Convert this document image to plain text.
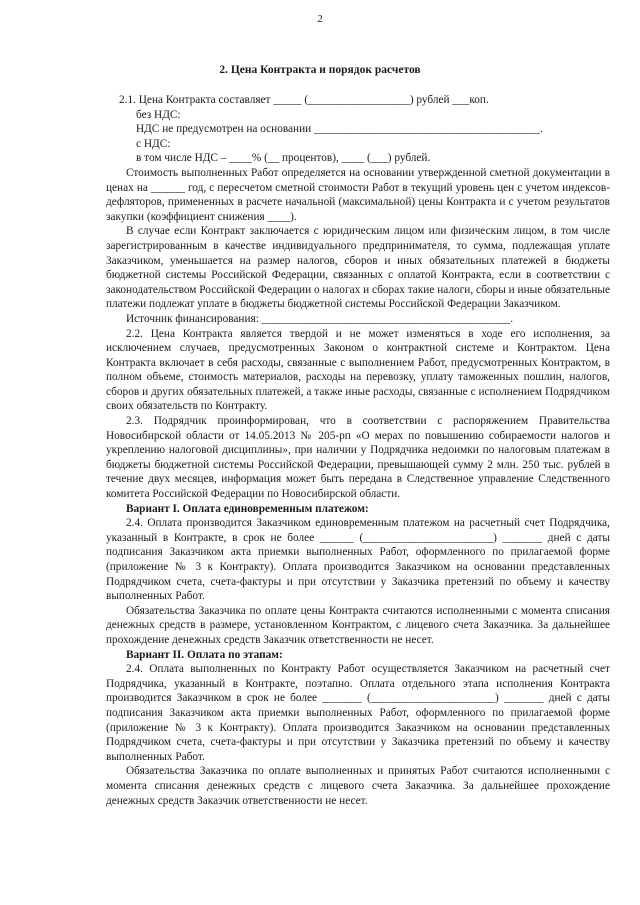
2
2. Цена Контракта и порядок расчетов

2.1. Цена Контракта составляет _____ (__________________) рублей ___коп.

без НДС:

НДС не предусмотрен на основании ________________________________________.

с НДС:

в том числе НДС – ____% (__ процентов), ____ (___) рублей.

Стоимость выполненных Работ определяется на основании утвержденной сметной документации в ценах на ______ год, с пересчетом сметной стоимости Работ в текущий уровень цен с учетом индексов-дефляторов, примененных в расчете начальной (максимальной) цены Контракта и с учетом результатов закупки (коэффициент снижения ____).

В случае если Контракт заключается с юридическим лицом или физическим лицом, в том числе зарегистрированным в качестве индивидуального предпринимателя, то сумма, подлежащая уплате Заказчиком, уменьшается на размер налогов, сборов и иных обязательных платежей в бюджеты бюджетной системы Российской Федерации, связанных с оплатой Контракта, если в соответствии с законодательством Российской Федерации о налогах и сборах такие налоги, сборы и иные обязательные платежи подлежат уплате в бюджеты бюджетной системы Российской Федерации Заказчиком.

Источник финансирования: ____________________________________________.

2.2. Цена Контракта является твердой и не может изменяться в ходе его исполнения, за исключением случаев, предусмотренных Законом о контрактной системе и Контрактом. Цена Контракта включает в себя расходы, связанные с выполнением Работ, предусмотренных Контрактом, в полном объеме, стоимость материалов, расходы на перевозку, уплату таможенных пошлин, налогов, сборов и других обязательных платежей, а также иные расходы, связанные с исполнением Подрядчиком своих обязательств по Контракту.

2.3. Подрядчик проинформирован, что в соответствии с распоряжением Правительства Новосибирской области от 14.05.2013 № 205-рп «О мерах по повышению собираемости налогов и укреплению налоговой дисциплины», при наличии у Подрядчика недоимки по налоговым платежам в бюджеты бюджетной системы Российской Федерации, превышающей сумму 2 млн. 250 тыс. рублей в течение двух месяцев, информация может быть передана в Следственное управление Следственного комитета Российской Федерации по Новосибирской области.

Вариант I. Оплата единовременным платежом:

2.4. Оплата производится Заказчиком единовременным платежом на расчетный счет Подрядчика, указанный в Контракте, в срок не более ______ (_______________________) _______ дней с даты подписания Заказчиком акта приемки выполненных Работ, оформленного по прилагаемой форме (приложение № 3 к Контракту). Оплата производится Заказчиком на основании представленных Подрядчиком счета, счета-фактуры и при отсутствии у Заказчика претензий по объему и качеству выполненных Работ.

Обязательства Заказчика по оплате цены Контракта считаются исполненными с момента списания денежных средств в размере, установленном Контрактом, с лицевого счета Заказчика. За дальнейшее прохождение денежных средств Заказчик ответственности не несет.

Вариант II. Оплата по этапам:

2.4. Оплата выполненных по Контракту Работ осуществляется Заказчиком на расчетный счет Подрядчика, указанный в Контракте, поэтапно. Оплата отдельного этапа исполнения Контракта производится Заказчиком в срок не более _______ (______________________) _______ дней с даты подписания Заказчиком акта приемки выполненных Работ, оформленного по прилагаемой форме (приложение № 3 к Контракту). Оплата производится Заказчиком на основании представленных Подрядчиком счета, счета-фактуры и при отсутствии у Заказчика претензий по объему и качеству выполненных Работ.

Обязательства Заказчика по оплате выполненных и принятых Работ считаются исполненными с момента списания денежных средств с лицевого счета Заказчика. За дальнейшее прохождение денежных средств Заказчик ответственности не несет.
